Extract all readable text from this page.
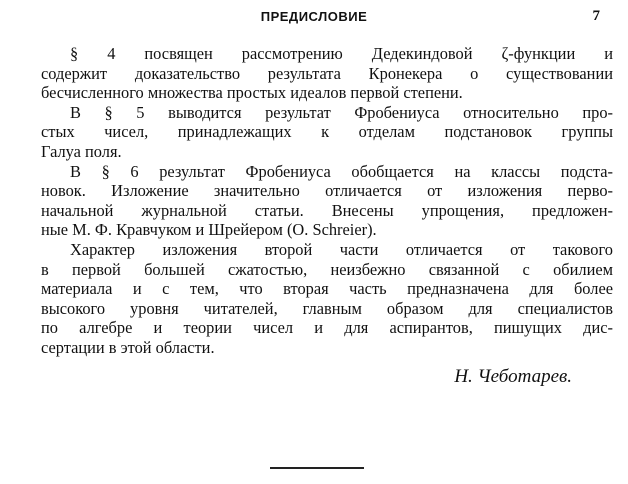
ПРЕДИСЛОВИЕ	7
§ 4 посвящен рассмотрению Дедекиндовой ζ-функции и
содержит доказательство результата Кронекера о существовании
бесчисленного множества простых идеалов первой степени.
В § 5 выводится результат Фробениуса относительно про-
стых чисел, принадлежащих к отделам подстановок группы
Галуа поля.
В § 6 результат Фробениуса обобщается на классы подста-
новок. Изложение значительно отличается от изложения перво-
начальной журнальной статьи. Внесены упрощения, предложен-
ные М. Ф. Кравчуком и Шрейером (O. Schreier).
Характер изложения второй части отличается от такового
в первой большей сжатостью, неизбежно связанной с обилием
материала и с тем, что вторая часть предназначена для более
высокого уровня читателей, главным образом для специалистов
по алгебре и теории чисел и для аспирантов, пишущих дис-
сертации в этой области.
Н. Чеботарев.
